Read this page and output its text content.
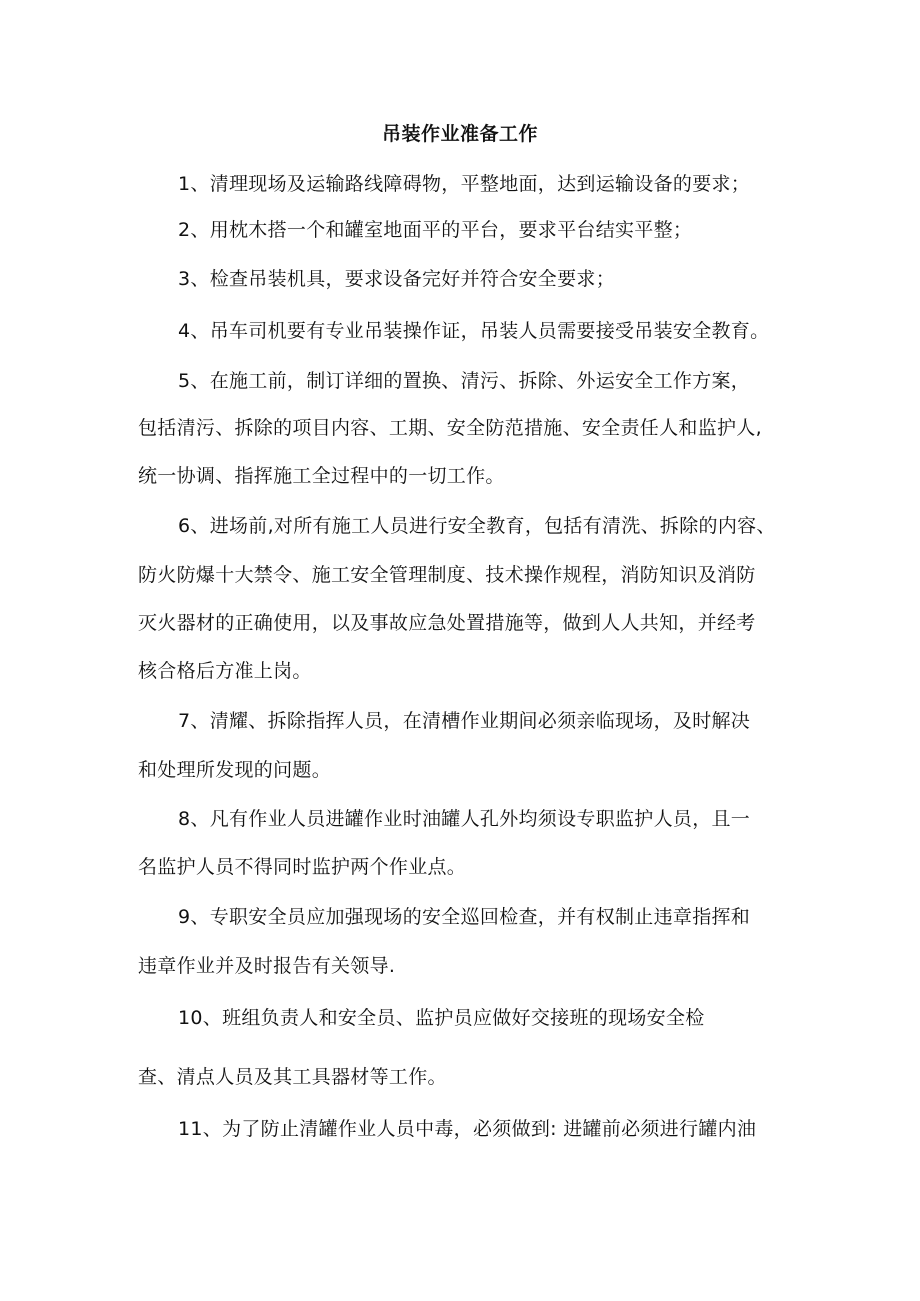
吊装作业准备工作
1、清理现场及运输路线障碍物，平整地面，达到运输设备的要求；
2、用枕木搭一个和罐室地面平的平台，要求平台结实平整；
3、检查吊装机具，要求设备完好并符合安全要求；
4、吊车司机要有专业吊装操作证，吊装人员需要接受吊装安全教育。
5、在施工前，制订详细的置换、清污、拆除、外运安全工作方案，
包括清污、拆除的项目内容、工期、安全防范措施、安全责任人和监护人,
统一协调、指挥施工全过程中的一切工作。
6、进场前,对所有施工人员进行安全教育，包括有清洗、拆除的内容、
防火防爆十大禁令、施工安全管理制度、技术操作规程，消防知识及消防
灭火器材的正确使用，以及事故应急处置措施等，做到人人共知，并经考
核合格后方准上岗。
7、清耀、拆除指挥人员，在清槽作业期间必须亲临现场，及时解决
和处理所发现的问题。
8、凡有作业人员进罐作业时油罐人孔外均须设专职监护人员，且一
名监护人员不得同时监护两个作业点。
9、专职安全员应加强现场的安全巡回检查，并有权制止违章指挥和
违章作业并及时报告有关领导.
10、班组负责人和安全员、监护员应做好交接班的现场安全检
查、清点人员及其工具器材等工作。
11、为了防止清罐作业人员中毒，必须做到: 进罐前必须进行罐内油
